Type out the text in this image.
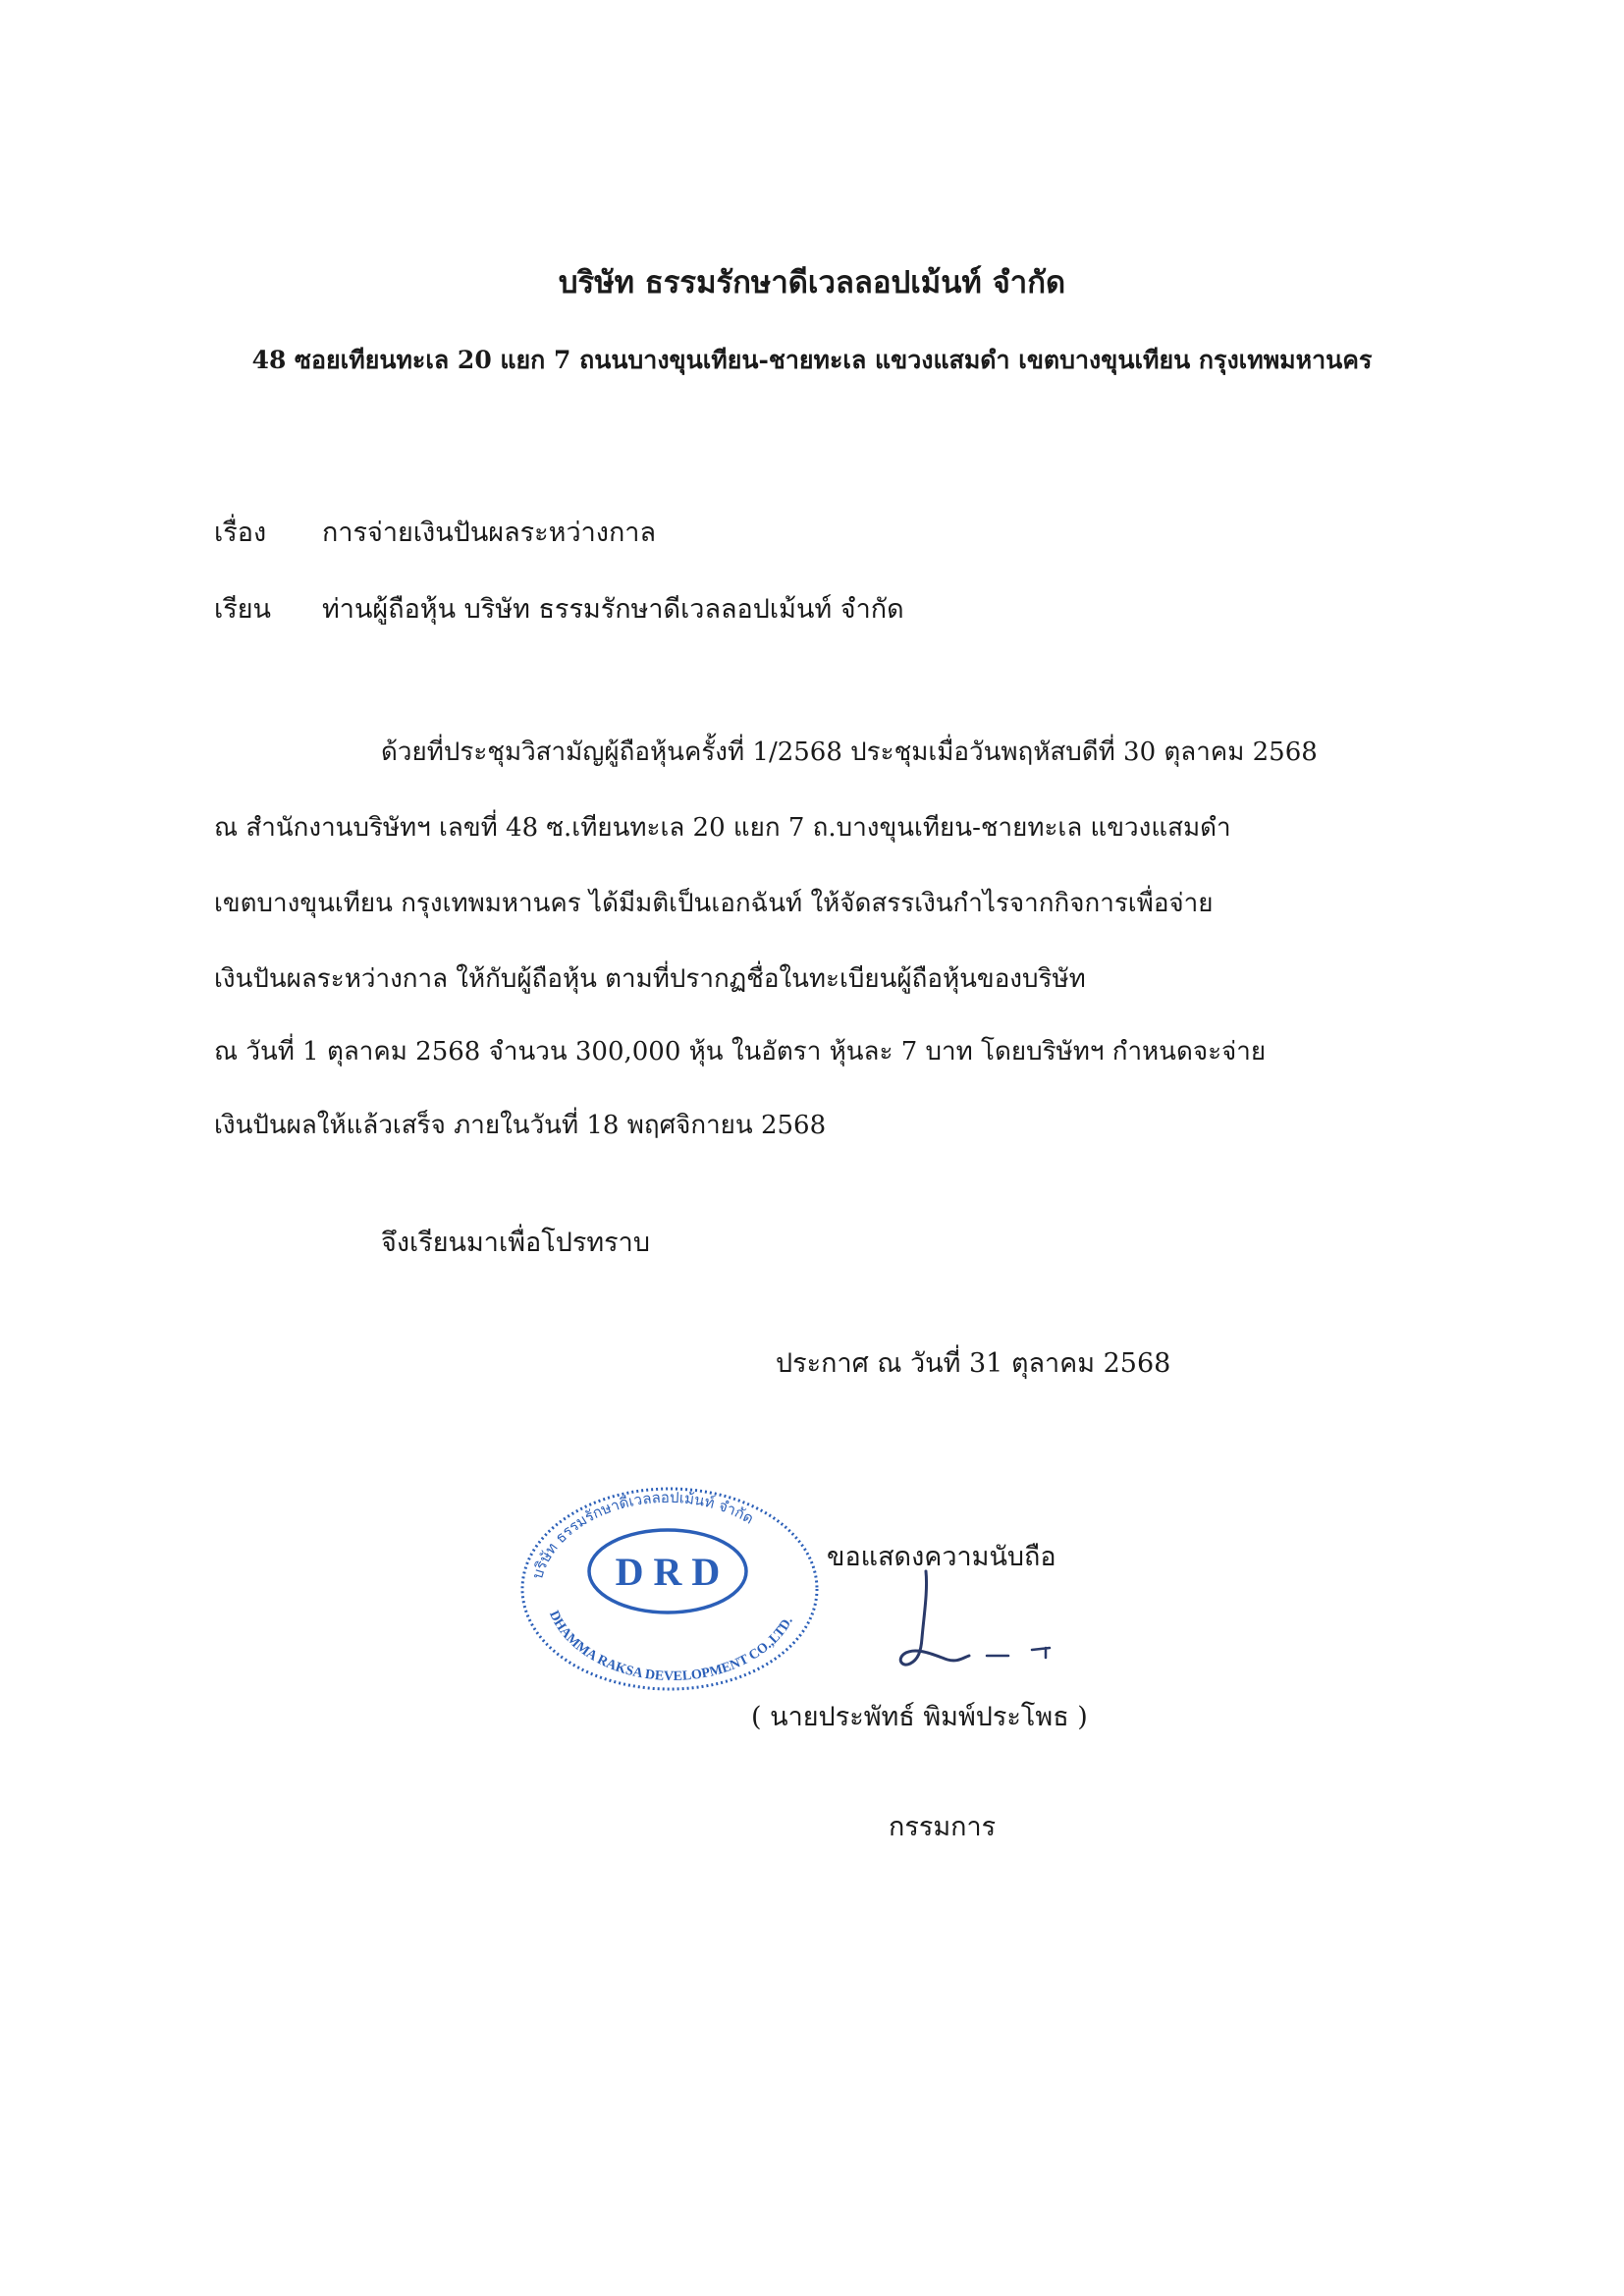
บริษัท ธรรมรักษาดีเวลลอปเม้นท์ จำกัด
48 ซอยเทียนทะเล 20 แยก 7 ถนนบางขุนเทียน-ชายทะเล แขวงแสมดำ เขตบางขุนเทียน กรุงเทพมหานคร
เรื่อง การจ่ายเงินปันผลระหว่างกาล
เรียน ท่านผู้ถือหุ้น บริษัท ธรรมรักษาดีเวลลอปเม้นท์ จำกัด
ด้วยที่ประชุมวิสามัญผู้ถือหุ้นครั้งที่ 1/2568 ประชุมเมื่อวันพฤหัสบดีที่ 30 ตุลาคม 2568
ณ สำนักงานบริษัทฯ เลขที่ 48 ซ.เทียนทะเล 20 แยก 7 ถ.บางขุนเทียน-ชายทะเล แขวงแสมดำ
เขตบางขุนเทียน กรุงเทพมหานคร ได้มีมติเป็นเอกฉันท์ ให้จัดสรรเงินกำไรจากกิจการเพื่อจ่าย
เงินปันผลระหว่างกาล ให้กับผู้ถือหุ้น ตามที่ปรากฏชื่อในทะเบียนผู้ถือหุ้นของบริษัท
ณ วันที่ 1 ตุลาคม 2568 จำนวน 300,000 หุ้น ในอัตรา หุ้นละ 7 บาท โดยบริษัทฯ กำหนดจะจ่าย
เงินปันผลให้แล้วเสร็จ ภายในวันที่ 18 พฤศจิกายน 2568
จึงเรียนมาเพื่อโปรทราบ
ประกาศ ณ วันที่ 31 ตุลาคม 2568
D R D
บริษัท ธรรมรักษาดีเวลลอปเม้นท์ จำกัด
DHAMMA RAKSA DEVELOPMENT CO.,LTD.
ขอแสดงความนับถือ
( นายประพัทธ์ พิมพ์ประโพธ )
กรรมการ
